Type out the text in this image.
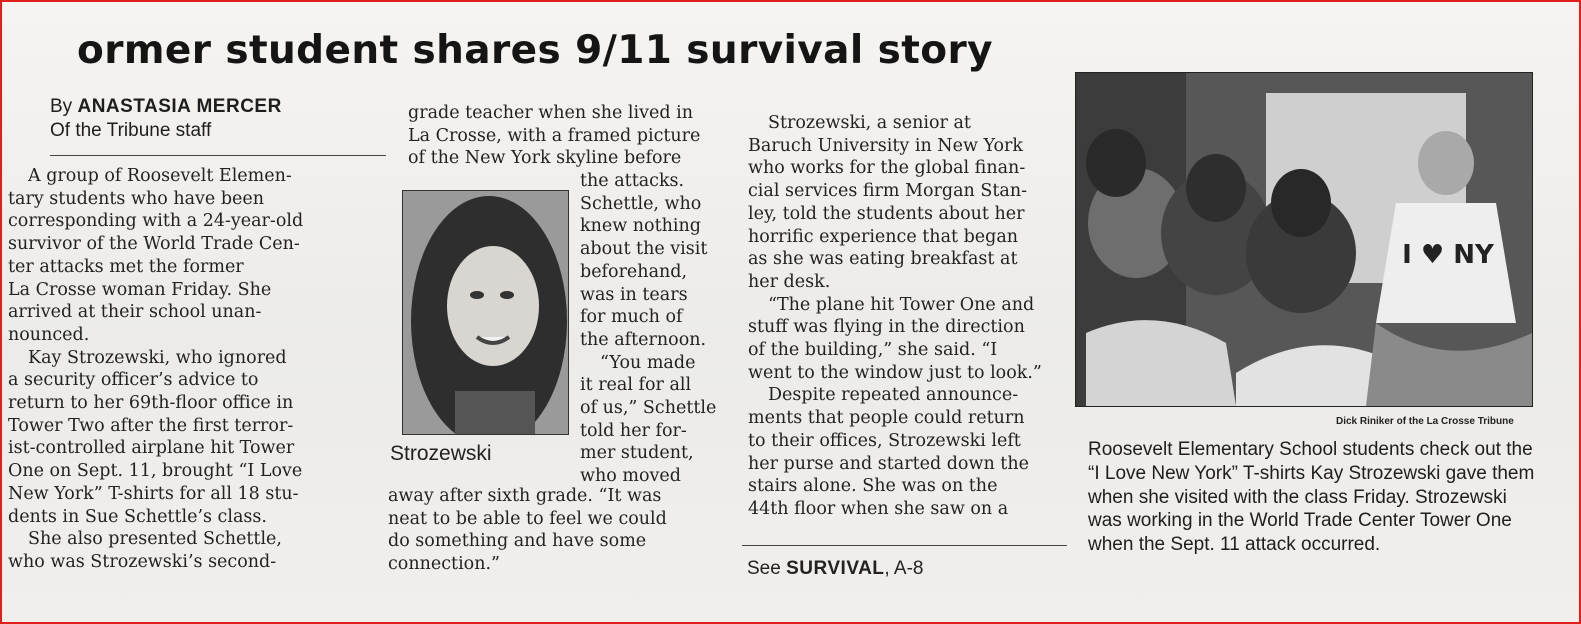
ormer student shares 9/11 survival story
By ANASTASIA MERCER
Of the Tribune staff
A group of Roosevelt Elemen-
tary students who have been
corresponding with a 24-year-old
survivor of the World Trade Cen-
ter attacks met the former
La Crosse woman Friday. She
arrived at their school unan-
nounced.
Kay Strozewski, who ignored
a security officer’s advice to
return to her 69th-floor office in
Tower Two after the first terror-
ist-controlled airplane hit Tower
One on Sept. 11, brought “I Love
New York” T-shirts for all 18 stu-
dents in Sue Schettle’s class.
She also presented Schettle,
who was Strozewski’s second-
grade teacher when she lived in
La Crosse, with a framed picture
of the New York skyline before
Strozewski
the attacks.
Schettle, who
knew nothing
about the visit
beforehand,
was in tears
for much of
the afternoon.
“You made
it real for all
of us,” Schettle
told her for-
mer student,
who moved
away after sixth grade. “It was
neat to be able to feel we could
do something and have some
connection.”
Strozewski, a senior at
Baruch University in New York
who works for the global finan-
cial services firm Morgan Stan-
ley, told the students about her
horrific experience that began
as she was eating breakfast at
her desk.
“The plane hit Tower One and
stuff was flying in the direction
of the building,” she said. “I
went to the window just to look.”
Despite repeated announce-
ments that people could return
to their offices, Strozewski left
her purse and started down the
stairs alone. She was on the
44th floor when she saw on a
See SURVIVAL, A-8
I ♥ NY
Dick Riniker of the La Crosse Tribune
Roosevelt Elementary School students check out the “I Love New York” T-shirts Kay Strozewski gave them when she visited with the class Friday. Strozewski was working in the World Trade Center Tower One when the Sept. 11 attack occurred.
